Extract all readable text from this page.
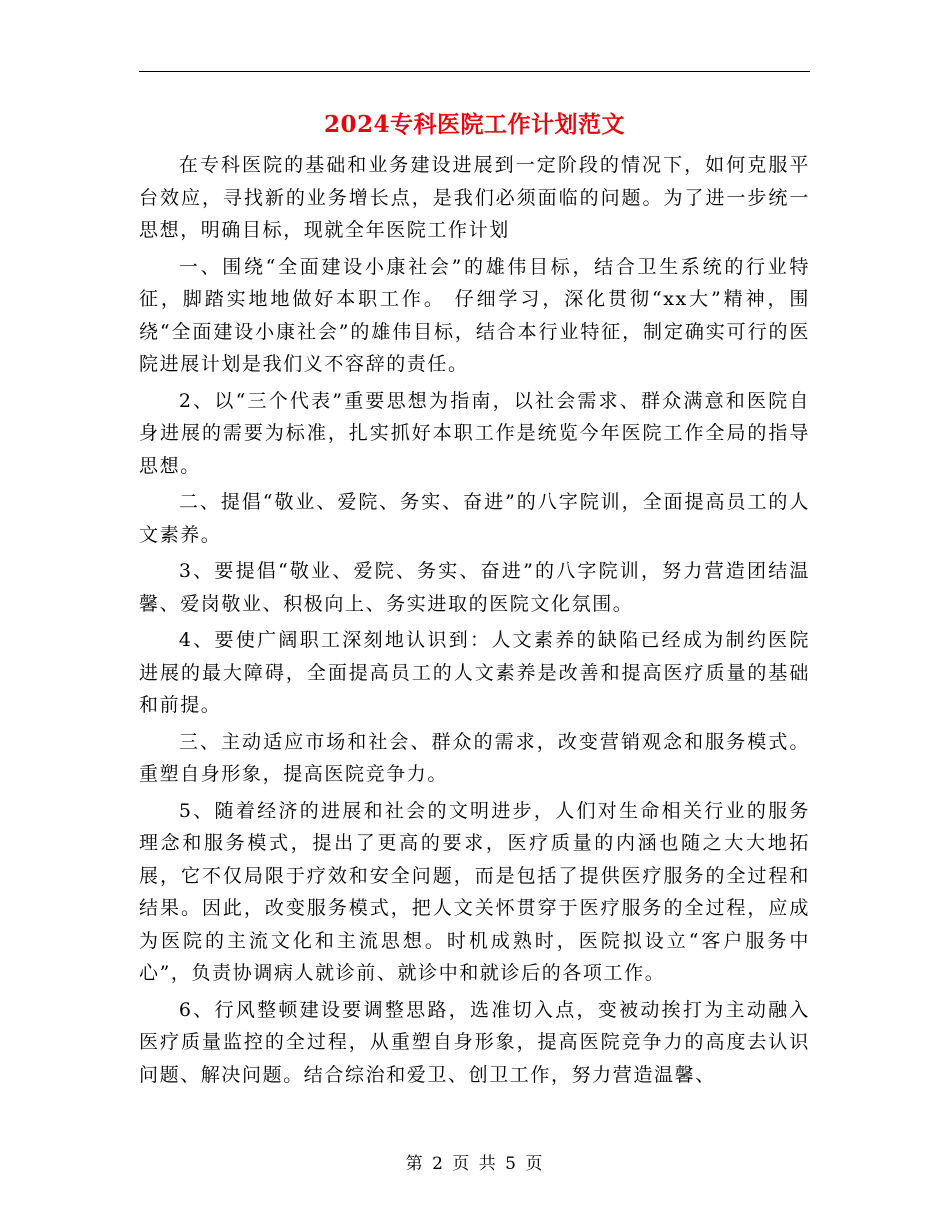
2024专科医院工作计划范文

在专科医院的基础和业务建设进展到一定阶段的情况下，如何克服平台效应，寻找新的业务增长点，是我们必须面临的问题。为了进一步统一思想，明确目标，现就全年医院工作计划

一、围绕“全面建设小康社会”的雄伟目标，结合卫生系统的行业特征，脚踏实地地做好本职工作。 仔细学习，深化贯彻“xx大”精神，围绕“全面建设小康社会”的雄伟目标，结合本行业特征，制定确实可行的医院进展计划是我们义不容辞的责任。

2、以“三个代表”重要思想为指南，以社会需求、群众满意和医院自身进展的需要为标准，扎实抓好本职工作是统览今年医院工作全局的指导思想。

二、提倡“敬业、爱院、务实、奋进”的八字院训，全面提高员工的人文素养。

3、要提倡“敬业、爱院、务实、奋进”的八字院训，努力营造团结温馨、爱岗敬业、积极向上、务实进取的医院文化氛围。

4、要使广阔职工深刻地认识到：人文素养的缺陷已经成为制约医院进展的最大障碍，全面提高员工的人文素养是改善和提高医疗质量的基础和前提。

三、主动适应市场和社会、群众的需求，改变营销观念和服务模式。重塑自身形象，提高医院竞争力。

5、随着经济的进展和社会的文明进步，人们对生命相关行业的服务理念和服务模式，提出了更高的要求，医疗质量的内涵也随之大大地拓展，它不仅局限于疗效和安全问题，而是包括了提供医疗服务的全过程和结果。因此，改变服务模式，把人文关怀贯穿于医疗服务的全过程，应成为医院的主流文化和主流思想。时机成熟时，医院拟设立“客户服务中心”，负责协调病人就诊前、就诊中和就诊后的各项工作。

6、行风整顿建设要调整思路，选准切入点，变被动挨打为主动融入医疗质量监控的全过程，从重塑自身形象，提高医院竞争力的高度去认识问题、解决问题。结合综治和爱卫、创卫工作，努力营造温馨、

第 2 页 共 5 页
